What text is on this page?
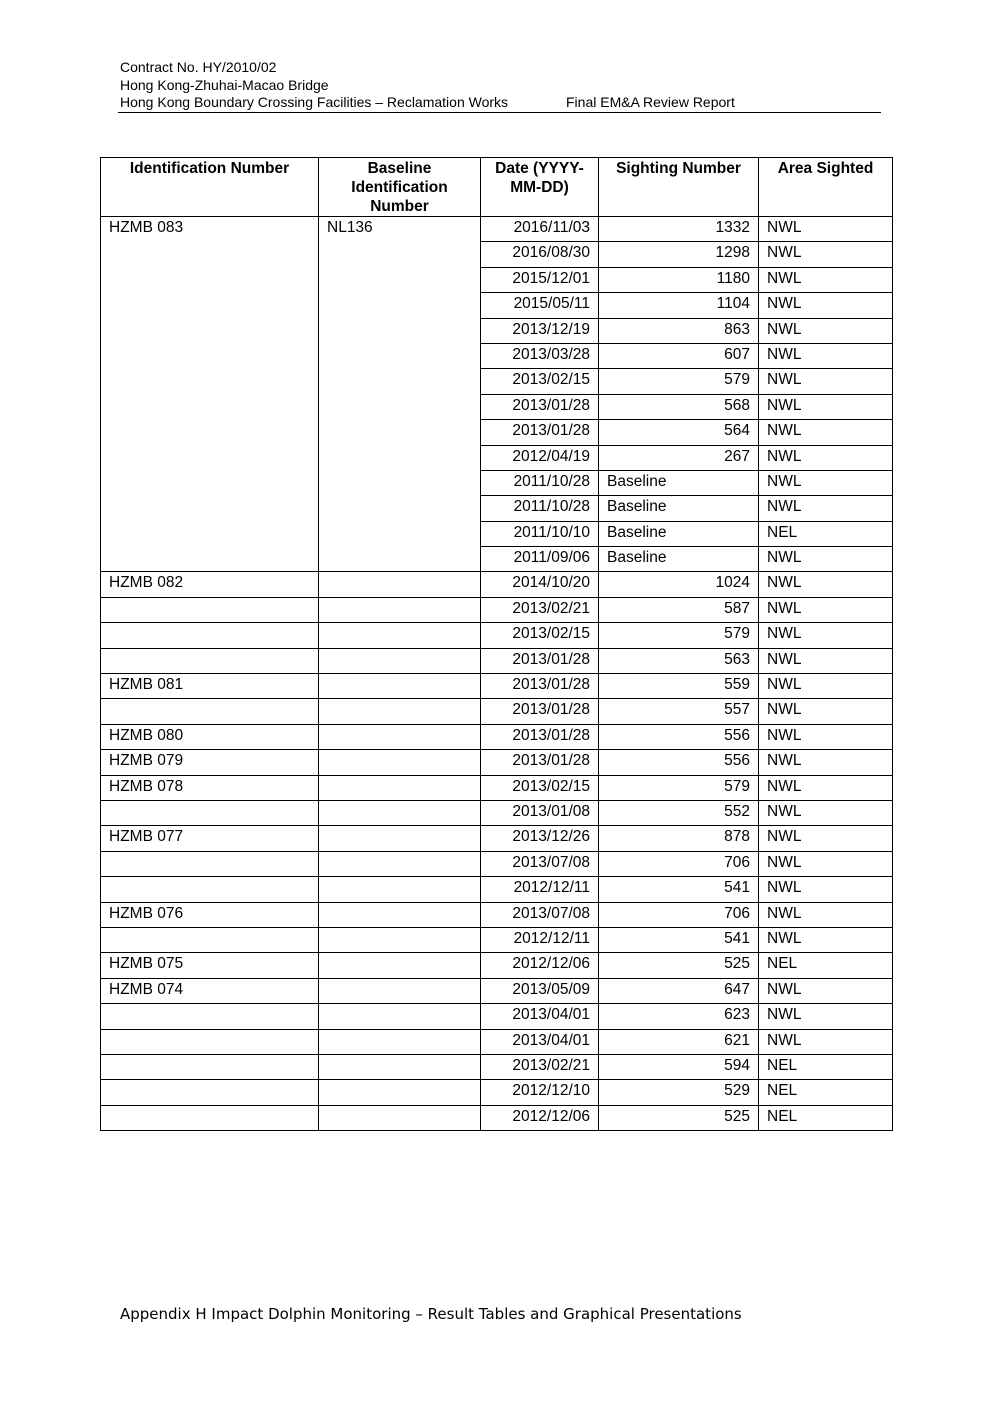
Contract No. HY/2010/02
Hong Kong-Zhuhai-Macao Bridge
Hong Kong Boundary Crossing Facilities – Reclamation Works	Final EM&A Review Report
Identification Number	Baseline Identification Number	Date (YYYY-MM-DD)	Sighting Number	Area Sighted
HZMB 083	NL136	2016/11/03	1332	NWL
		2016/08/30	1298	NWL
		2015/12/01	1180	NWL
		2015/05/11	1104	NWL
		2013/12/19	863	NWL
		2013/03/28	607	NWL
		2013/02/15	579	NWL
		2013/01/28	568	NWL
		2013/01/28	564	NWL
		2012/04/19	267	NWL
		2011/10/28	Baseline	NWL
		2011/10/28	Baseline	NWL
		2011/10/10	Baseline	NEL
		2011/09/06	Baseline	NWL
HZMB 082		2014/10/20	1024	NWL
		2013/02/21	587	NWL
		2013/02/15	579	NWL
		2013/01/28	563	NWL
HZMB 081		2013/01/28	559	NWL
		2013/01/28	557	NWL
HZMB 080		2013/01/28	556	NWL
HZMB 079		2013/01/28	556	NWL
HZMB 078		2013/02/15	579	NWL
		2013/01/08	552	NWL
HZMB 077		2013/12/26	878	NWL
		2013/07/08	706	NWL
		2012/12/11	541	NWL
HZMB 076		2013/07/08	706	NWL
		2012/12/11	541	NWL
HZMB 075		2012/12/06	525	NEL
HZMB 074		2013/05/09	647	NWL
		2013/04/01	623	NWL
		2013/04/01	621	NWL
		2013/02/21	594	NEL
		2012/12/10	529	NEL
		2012/12/06	525	NEL
Appendix H Impact Dolphin Monitoring – Result Tables and Graphical Presentations
